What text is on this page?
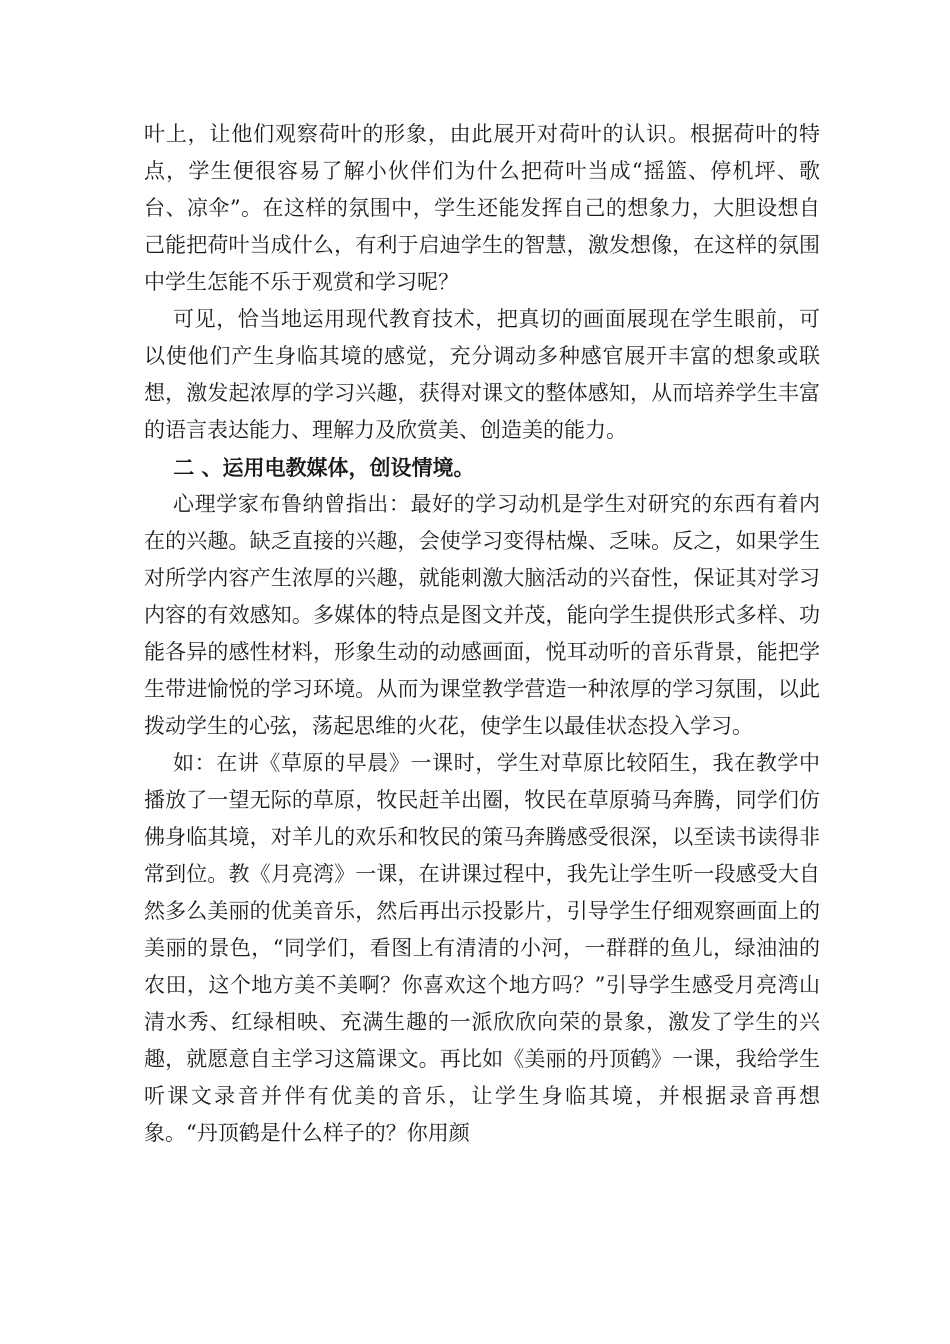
叶上，让他们观察荷叶的形象，由此展开对荷叶的认识。根据荷叶的特点，学生便很容易了解小伙伴们为什么把荷叶当成“摇篮、停机坪、歌台、凉伞”。在这样的氛围中，学生还能发挥自己的想象力，大胆设想自己能把荷叶当成什么，有利于启迪学生的智慧，激发想像，在这样的氛围中学生怎能不乐于观赏和学习呢？

可见，恰当地运用现代教育技术，把真切的画面展现在学生眼前，可以使他们产生身临其境的感觉，充分调动多种感官展开丰富的想象或联想，激发起浓厚的学习兴趣，获得对课文的整体感知，从而培养学生丰富的语言表达能力、理解力及欣赏美、创造美的能力。

二 、运用电教媒体，创设情境。

心理学家布鲁纳曾指出：最好的学习动机是学生对研究的东西有着内在的兴趣。缺乏直接的兴趣，会使学习变得枯燥、乏味。反之，如果学生对所学内容产生浓厚的兴趣，就能刺激大脑活动的兴奋性，保证其对学习内容的有效感知。多媒体的特点是图文并茂，能向学生提供形式多样、功能各异的感性材料，形象生动的动感画面，悦耳动听的音乐背景，能把学生带进愉悦的学习环境。从而为课堂教学营造一种浓厚的学习氛围，以此拨动学生的心弦，荡起思维的火花，使学生以最佳状态投入学习。

如：在讲《草原的早晨》一课时，学生对草原比较陌生，我在教学中播放了一望无际的草原，牧民赶羊出圈，牧民在草原骑马奔腾，同学们仿佛身临其境，对羊儿的欢乐和牧民的策马奔腾感受很深，以至读书读得非常到位。教《月亮湾》一课，在讲课过程中，我先让学生听一段感受大自然多么美丽的优美音乐，然后再出示投影片，引导学生仔细观察画面上的美丽的景色，“同学们，看图上有清清的小河，一群群的鱼儿，绿油油的农田，这个地方美不美啊？你喜欢这个地方吗？”引导学生感受月亮湾山清水秀、红绿相映、充满生趣的一派欣欣向荣的景象，激发了学生的兴趣，就愿意自主学习这篇课文。再比如《美丽的丹顶鹤》一课，我给学生听课文录音并伴有优美的音乐，让学生身临其境，并根据录音再想象。“丹顶鹤是什么样子的？你用颜
